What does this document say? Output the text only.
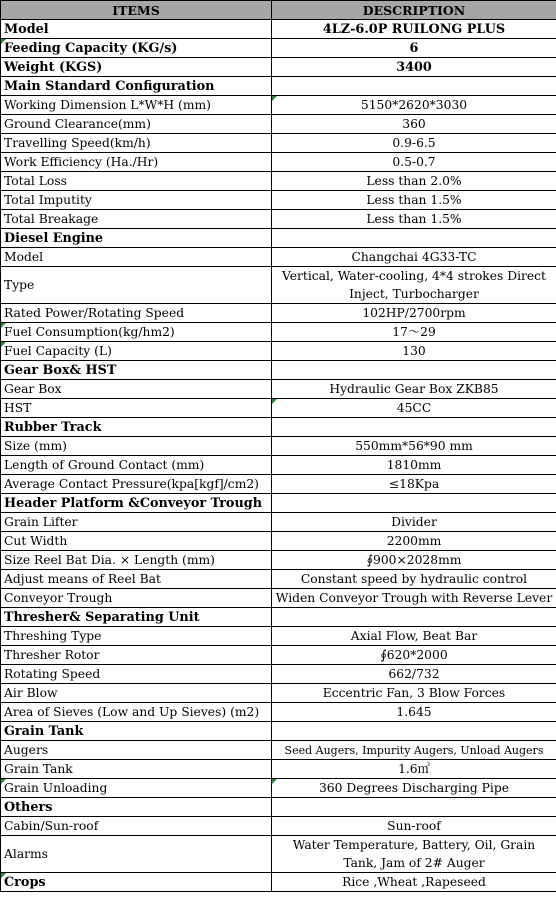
ITEMS	DESCRIPTION
Model	4LZ-6.0P RUILONG PLUS
Feeding Capacity (KG/s)	6
Weight (KGS)	3400
Main Standard Configuration	
Working Dimension L*W*H (mm)	5150*2620*3030
Ground Clearance(mm)	360
Travelling Speed(km/h)	0.9-6.5
Work Efficiency (Ha./Hr)	0.5-0.7
Total Loss	Less than 2.0%
Total Imputity	Less than 1.5%
Total Breakage	Less than 1.5%
Diesel Engine	
Model	Changchai 4G33-TC
Type	Vertical, Water-cooling, 4*4 strokes Direct Inject, Turbocharger
Rated Power/Rotating Speed	102HP/2700rpm
Fuel Consumption(kg/hm2)	17～29
Fuel Capacity (L)	130
Gear Box& HST	
Gear Box	Hydraulic Gear Box ZKB85
HST	45CC
Rubber Track	
Size (mm)	550mm*56*90 mm
Length of Ground Contact (mm)	1810mm
Average Contact Pressure(kpa[kgf]/cm2)	≤18Kpa
Header Platform &Conveyor Trough	
Grain Lifter	Divider
Cut Width	2200mm
Size Reel Bat Dia. × Length (mm)	∮900×2028mm
Adjust means of Reel Bat	Constant speed by hydraulic control
Conveyor Trough	Widen Conveyor Trough with Reverse Lever
Thresher& Separating Unit	
Threshing Type	Axial Flow, Beat Bar
Thresher Rotor	∮620*2000
Rotating Speed	662/732
Air Blow	Eccentric Fan, 3 Blow Forces
Area of Sieves (Low and Up Sieves) (m2)	1.645
Grain Tank	
Augers	Seed Augers, Impurity Augers, Unload Augers
Grain Tank	1.6㎡
Grain Unloading	360 Degrees Discharging Pipe
Others	
Cabin/Sun-roof	Sun-roof
Alarms	Water Temperature, Battery, Oil, Grain Tank, Jam of 2# Auger
Crops	Rice ,Wheat ,Rapeseed
